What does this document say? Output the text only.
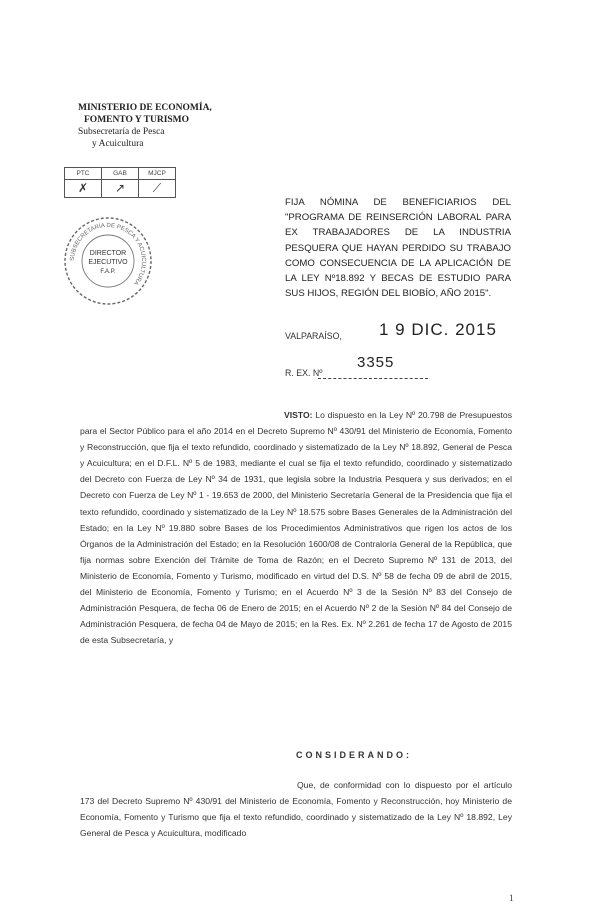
MINISTERIO DE ECONOMÍA,
FOMENTO Y TURISMO
Subsecretaría de Pesca
y Acuicultura
PTC	GAB	MJCP
✗	↗	⟋
SUBSECRETARÍA DE PESCA Y ACUICULTURA
DIRECTOR
EJECUTIVO
F.A.P.
FIJA NÓMINA DE BENEFICIARIOS DEL "PROGRAMA DE REINSERCIÓN LABORAL PARA EX TRABAJADORES DE LA INDUSTRIA PESQUERA QUE HAYAN PERDIDO SU TRABAJO COMO CONSECUENCIA DE LA APLICACIÓN DE LA LEY Nº18.892 Y BECAS DE ESTUDIO PARA SUS HIJOS, REGIÓN DEL BIOBÍO, AÑO 2015".
VALPARAÍSO, 1 9 DIC. 2015
R. EX. Nº
3355
VISTO: Lo dispuesto en la Ley Nº 20.798 de Presupuestos para el Sector Público para el año 2014 en el Decreto Supremo Nº 430/91 del Ministerio de Economía, Fomento y Reconstrucción, que fija el texto refundido, coordinado y sistematizado de la Ley Nº 18.892, General de Pesca y Acuicultura; en el D.F.L. Nº 5 de 1983, mediante el cual se fija el texto refundido, coordinado y sistematizado del Decreto con Fuerza de Ley Nº 34 de 1931, que legisla sobre la Industria Pesquera y sus derivados; en el Decreto con Fuerza de Ley Nº 1 - 19.653 de 2000, del Ministerio Secretaría General de la Presidencia que fija el texto refundido, coordinado y sistematizado de la Ley Nº 18.575 sobre Bases Generales de la Administración del Estado; en la Ley Nº 19.880 sobre Bases de los Procedimientos Administrativos que rigen los actos de los Órganos de la Administración del Estado; en la Resolución 1600/08 de Contraloría General de la República, que fija normas sobre Exención del Trámite de Toma de Razón; en el Decreto Supremo Nº 131 de 2013, del Ministerio de Economía, Fomento y Turismo, modificado en virtud del D.S. Nº 58 de fecha 09 de abril de 2015, del Ministerio de Economía, Fomento y Turismo; en el Acuerdo Nº 3 de la Sesión Nº 83 del Consejo de Administración Pesquera, de fecha 06 de Enero de 2015; en el Acuerdo Nº 2 de la Sesión Nº 84 del Consejo de Administración Pesquera, de fecha 04 de Mayo de 2015; en la Res. Ex. Nº 2.261 de fecha 17 de Agosto de 2015 de esta Subsecretaría, y
CONSIDERANDO:
Que, de conformidad con lo dispuesto por el artículo 173 del Decreto Supremo Nº 430/91 del Ministerio de Economía, Fomento y Reconstrucción, hoy Ministerio de Economía, Fomento y Turismo que fija el texto refundido, coordinado y sistematizado de la Ley Nº 18.892, Ley General de Pesca y Acuicultura, modificado
1
